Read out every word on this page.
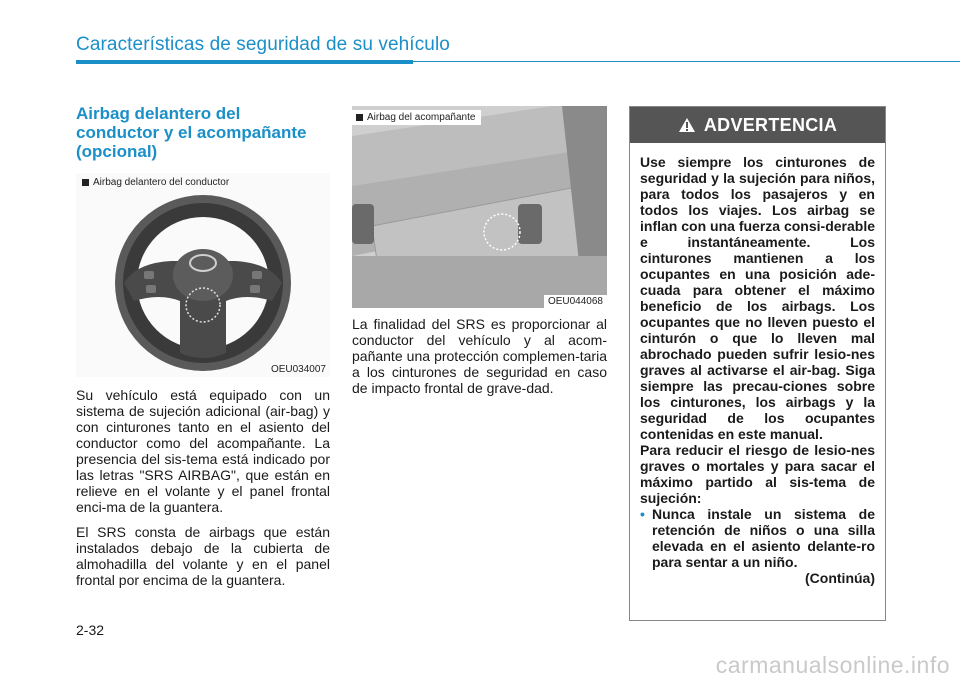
Características de seguridad de su vehículo
Airbag delantero del
conductor y el acompañante
(opcional)
Airbag delantero del conductor
OEU034007

Su vehículo está equipado con un sistema de sujeción adicional (air-bag) y con cinturones tanto en el asiento del conductor como del acompañante. La presencia del sis-tema está indicado por las letras "SRS AIRBAG", que están en relieve en el volante y el panel frontal enci-ma de la guantera.

El SRS consta de airbags que están instalados debajo de la cubierta de almohadilla del volante y en el panel frontal por encima de la guantera.

Airbag del acompañante
OEU044068

La finalidad del SRS es proporcionar al conductor del vehículo y al acom-pañante una protección complemen-taria a los cinturones de seguridad en caso de impacto frontal de grave-dad.

ADVERTENCIA
Use siempre los cinturones de seguridad y la sujeción para niños, para todos los pasajeros y en todos los viajes. Los airbag se inflan con una fuerza consi-derable e instantáneamente. Los cinturones mantienen a los ocupantes en una posición ade-cuada para obtener el máximo beneficio de los airbags. Los ocupantes que no lleven puesto el cinturón o que lo lleven mal abrochado pueden sufrir lesio-nes graves al activarse el air-bag. Siga siempre las precau-ciones sobre los cinturones, los airbags y la seguridad de los ocupantes contenidas en este manual.
Para reducir el riesgo de lesio-nes graves o mortales y para sacar el máximo partido al sis-tema de sujeción:
• Nunca instale un sistema de retención de niños o una silla elevada en el asiento delante-ro para sentar a un niño.
(Continúa)
2-32
carmanualsonline.info
